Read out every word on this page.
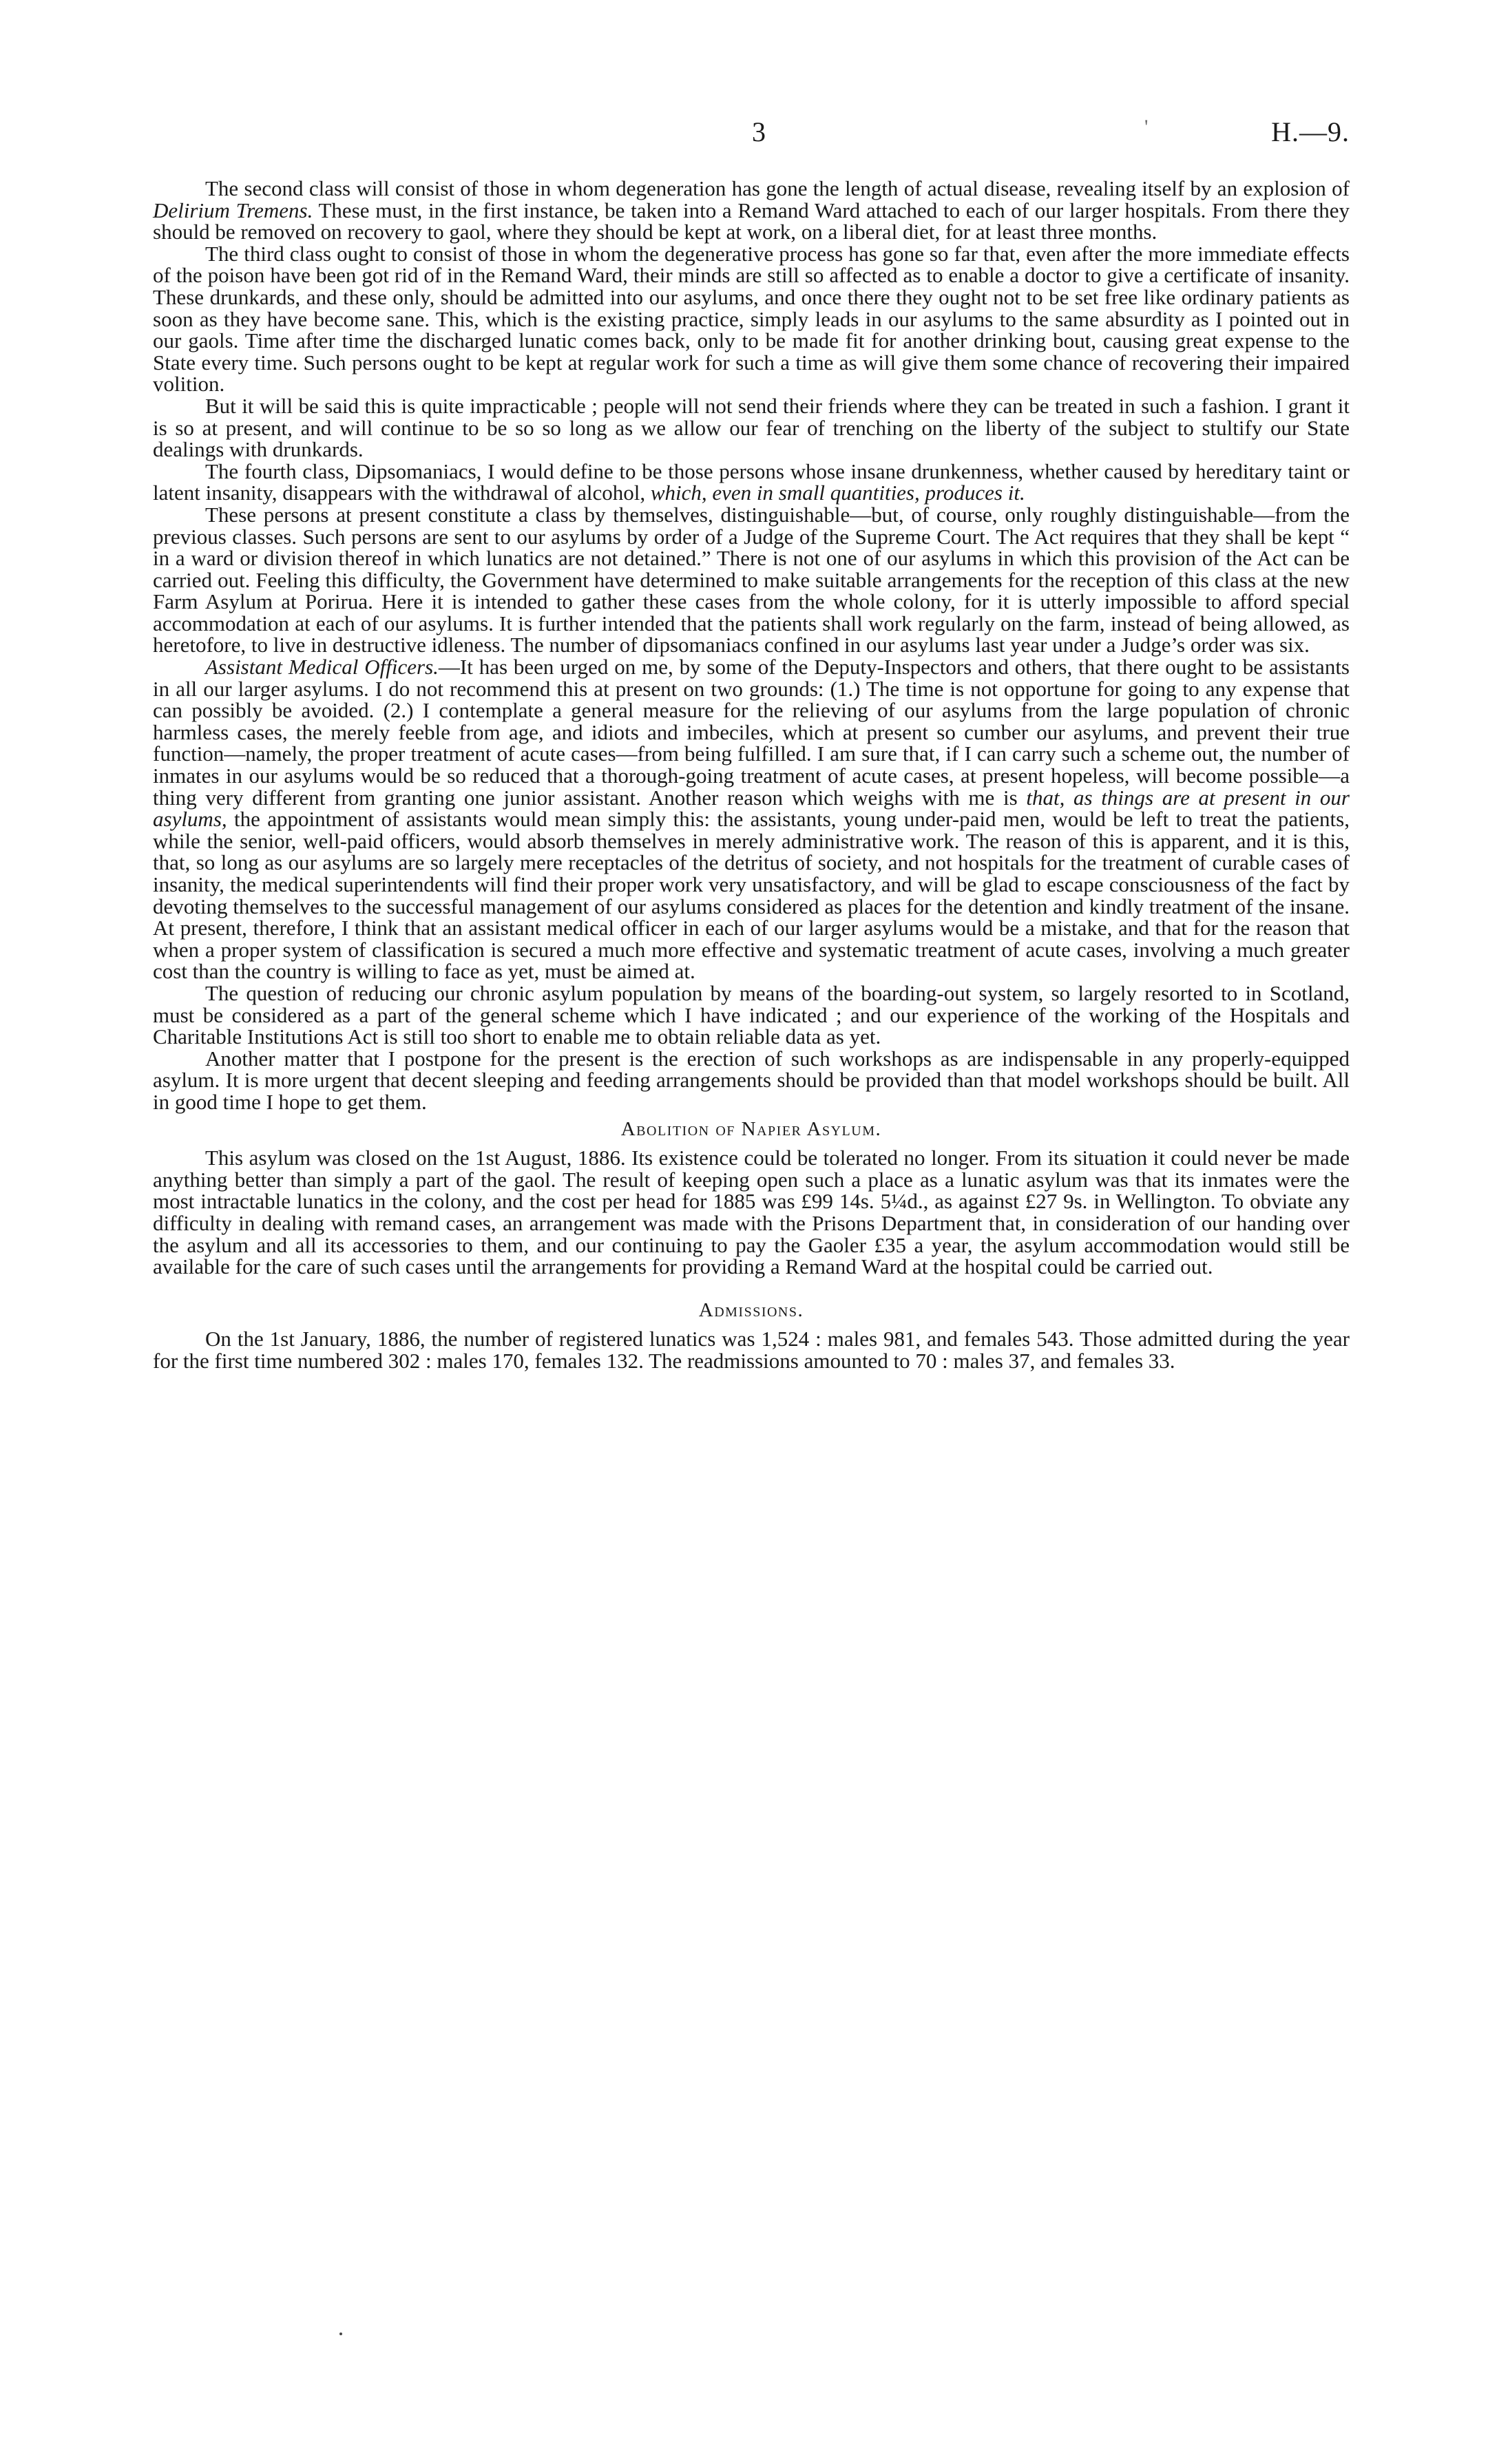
3	'	H.—9.

The second class will consist of those in whom degeneration has gone the length of actual disease, revealing itself by an explosion of Delirium Tremens. These must, in the first instance, be taken into a Remand Ward attached to each of our larger hospitals. From there they should be removed on recovery to gaol, where they should be kept at work, on a liberal diet, for at least three months.

The third class ought to consist of those in whom the degenerative process has gone so far that, even after the more immediate effects of the poison have been got rid of in the Remand Ward, their minds are still so affected as to enable a doctor to give a certificate of insanity. These drunkards, and these only, should be admitted into our asylums, and once there they ought not to be set free like ordinary patients as soon as they have become sane. This, which is the existing practice, simply leads in our asylums to the same absurdity as I pointed out in our gaols. Time after time the discharged lunatic comes back, only to be made fit for another drinking bout, causing great expense to the State every time. Such persons ought to be kept at regular work for such a time as will give them some chance of recovering their impaired volition.

But it will be said this is quite impracticable ; people will not send their friends where they can be treated in such a fashion. I grant it is so at present, and will continue to be so so long as we allow our fear of trenching on the liberty of the subject to stultify our State dealings with drunkards.

The fourth class, Dipsomaniacs, I would define to be those persons whose insane drunkenness, whether caused by hereditary taint or latent insanity, disappears with the withdrawal of alcohol, which, even in small quantities, produces it.

These persons at present constitute a class by themselves, distinguishable—but, of course, only roughly distinguishable—from the previous classes. Such persons are sent to our asylums by order of a Judge of the Supreme Court. The Act requires that they shall be kept “ in a ward or division thereof in which lunatics are not detained.” There is not one of our asylums in which this provision of the Act can be carried out. Feeling this difficulty, the Government have determined to make suitable arrangements for the reception of this class at the new Farm Asylum at Porirua. Here it is intended to gather these cases from the whole colony, for it is utterly impossible to afford special accommodation at each of our asylums. It is further intended that the patients shall work regularly on the farm, instead of being allowed, as heretofore, to live in destructive idleness. The number of dipsomaniacs confined in our asylums last year under a Judge’s order was six.

Assistant Medical Officers.—It has been urged on me, by some of the Deputy-Inspectors and others, that there ought to be assistants in all our larger asylums. I do not recommend this at present on two grounds: (1.) The time is not opportune for going to any expense that can possibly be avoided. (2.) I contemplate a general measure for the relieving of our asylums from the large population of chronic harmless cases, the merely feeble from age, and idiots and imbeciles, which at present so cumber our asylums, and prevent their true function—namely, the proper treatment of acute cases—from being fulfilled. I am sure that, if I can carry such a scheme out, the number of inmates in our asylums would be so reduced that a thorough-going treatment of acute cases, at present hopeless, will become possible—a thing very different from granting one junior assistant. Another reason which weighs with me is that, as things are at present in our asylums, the appointment of assistants would mean simply this: the assistants, young under-paid men, would be left to treat the patients, while the senior, well-paid officers, would absorb themselves in merely administrative work. The reason of this is apparent, and it is this, that, so long as our asylums are so largely mere receptacles of the detritus of society, and not hospitals for the treatment of curable cases of insanity, the medical superintendents will find their proper work very unsatisfactory, and will be glad to escape consciousness of the fact by devoting themselves to the successful management of our asylums considered as places for the detention and kindly treatment of the insane. At present, therefore, I think that an assistant medical officer in each of our larger asylums would be a mistake, and that for the reason that when a proper system of classification is secured a much more effective and systematic treatment of acute cases, involving a much greater cost than the country is willing to face as yet, must be aimed at.

The question of reducing our chronic asylum population by means of the boarding-out system, so largely resorted to in Scotland, must be considered as a part of the general scheme which I have indicated ; and our experience of the working of the Hospitals and Charitable Institutions Act is still too short to enable me to obtain reliable data as yet.

Another matter that I postpone for the present is the erection of such workshops as are indispensable in any properly-equipped asylum. It is more urgent that decent sleeping and feeding arrangements should be provided than that model workshops should be built. All in good time I hope to get them.

Abolition of Napier Asylum.

This asylum was closed on the 1st August, 1886. Its existence could be tolerated no longer. From its situation it could never be made anything better than simply a part of the gaol. The result of keeping open such a place as a lunatic asylum was that its inmates were the most intractable lunatics in the colony, and the cost per head for 1885 was £99 14s. 5¼d., as against £27 9s. in Wellington. To obviate any difficulty in dealing with remand cases, an arrangement was made with the Prisons Department that, in consideration of our handing over the asylum and all its accessories to them, and our continuing to pay the Gaoler £35 a year, the asylum accommodation would still be available for the care of such cases until the arrangements for providing a Remand Ward at the hospital could be carried out.

Admissions.

On the 1st January, 1886, the number of registered lunatics was 1,524 : males 981, and females 543. Those admitted during the year for the first time numbered 302 : males 170, females 132. The readmissions amounted to 70 : males 37, and females 33.
